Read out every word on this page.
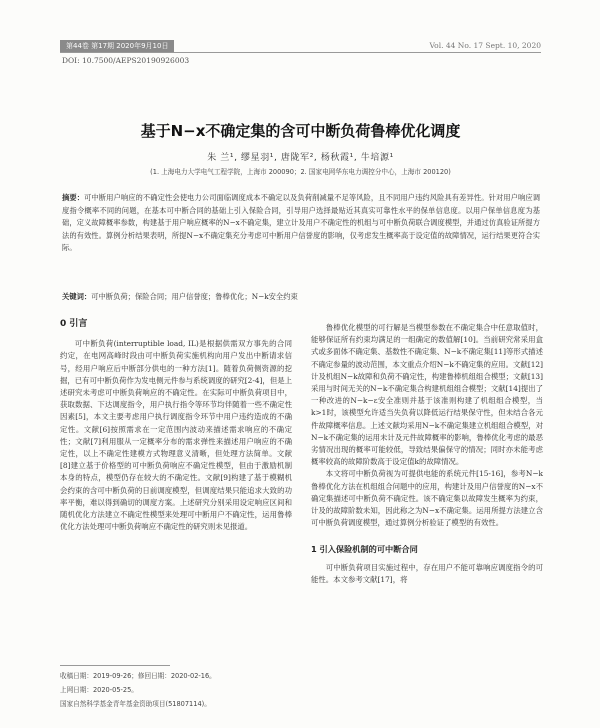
第44卷 第17期 2020年9月10日	Vol. 44 No. 17 Sept. 10, 2020
DOI: 10.7500/AEPS20190926003
基于N−x不确定集的含可中断负荷鲁棒优化调度
朱 兰¹, 缪星羽¹, 唐陇军², 杨秋霞¹, 牛培源¹
(1. 上海电力大学电气工程学院，上海市 200090；2. 国家电网华东电力调控分中心，上海市 200120)
摘要：可中断用户响应的不确定性会使电力公司面临调度成本不确定以及负荷削减量不足等风险，且不同用户违约风险具有差异性。针对用户响应调度指令概率不同的问题，在基本可中断合同的基础上引入保险合同，引导用户选择最贴近其真实可靠性水平的保单信息度。以用户保单信息度为基础，定义故障概率参数，构建基于用户响应概率的N−x不确定集，建立计及用户不确定性的机组与可中断负荷联合调度模型，并通过仿真验证所提方法的有效性。算例分析结果表明，所提N−x不确定集充分考虑可中断用户信誉度的影响，仅考虑发生概率高于设定值的故障情况，运行结果更符合实际。
关键词：可中断负荷；保险合同；用户信誉度；鲁棒优化；N−k安全约束
0 引言

可中断负荷(interruptible load, IL)是根据供需双方事先的合同约定，在电网高峰时段由可中断负荷实施机构向用户发出中断请求信号，经用户响应后中断部分供电的一种方法[1]。随着负荷侧资源的挖掘，已有可中断负荷作为发电侧元件参与系统调度的研究[2-4]，但是上述研究未考虑可中断负荷响应的不确定性。在实际可中断负荷项目中，获取数据、下达调度指令，用户执行指令等环节均伴随着一些不确定性因素[5]，本文主要考虑用户执行调度指令环节中用户违约造成的不确定性。文献[6]按照需求在一定范围内波动来描述需求响应的不确定性；文献[7]利用服从一定概率分布的需求弹性来描述用户响应的不确定性，以上不确定性建模方式物理意义清晰，但处理方法简单。文献[8]建立基于价格型的可中断负荷响应不确定性模型，但由于激励机制本身的特点，模型仍存在较大的不确定性。文献[9]构建了基于模糊机会约束的含可中断负荷的日前调度模型，但调度结果只能追求大致的功率平衡，难以得到确切的调度方案。上述研究分别采用设定响应区间和随机优化方法建立不确定性模型来处理可中断用户不确定性，运用鲁棒优化方法处理可中断负荷响应不确定性的研究则未见报道。

鲁棒优化模型的可行解是当模型参数在不确定集合中任意取值时，能够保证所有约束均满足的一组确定的数值解[10]。当前研究常采用盒式或多面体不确定集、基数性不确定集、N−k不确定集[11]等形式描述不确定参量的波动范围，本文重点介绍N−k不确定集的应用。文献[12]计及机组N−k故障和负荷不确定性，构建鲁棒机组组合模型；文献[13]采用与时间无关的N−k不确定集合构建机组组合模型；文献[14]提出了一种改进的N−k−ε安全准则并基于该准则构建了机组组合模型，当k>1时，该模型允许适当失负荷以降低运行结果保守性，但未结合各元件故障概率信息。上述文献均采用N−k不确定集建立机组组合模型，对N−k不确定集的运用未计及元件故障概率的影响，鲁棒优化考虑的最恶劣情况出现的概率可能较低，导致结果偏保守的情况；同时亦未能考虑概率较高的故障阶数高于设定值k的故障情况。

本文将可中断负荷视为可提供电能的系统元件[15-16]，参考N−k鲁棒优化方法在机组组合问题中的应用，构建计及用户信誉度的N−x不确定集描述可中断负荷不确定性。该不确定集以故障发生概率为约束，计及的故障阶数未知，因此称之为N−x不确定集。运用所提方法建立含可中断负荷调度模型，通过算例分析验证了模型的有效性。

1 引入保险机制的可中断合同

可中断负荷项目实施过程中，存在用户不能可靠响应调度指令的可能性。本文参考文献[17]，将

收稿日期：2019-09-26；修回日期：2020-02-16。
上网日期：2020-05-25。
国家自然科学基金青年基金资助项目(51807114)。
